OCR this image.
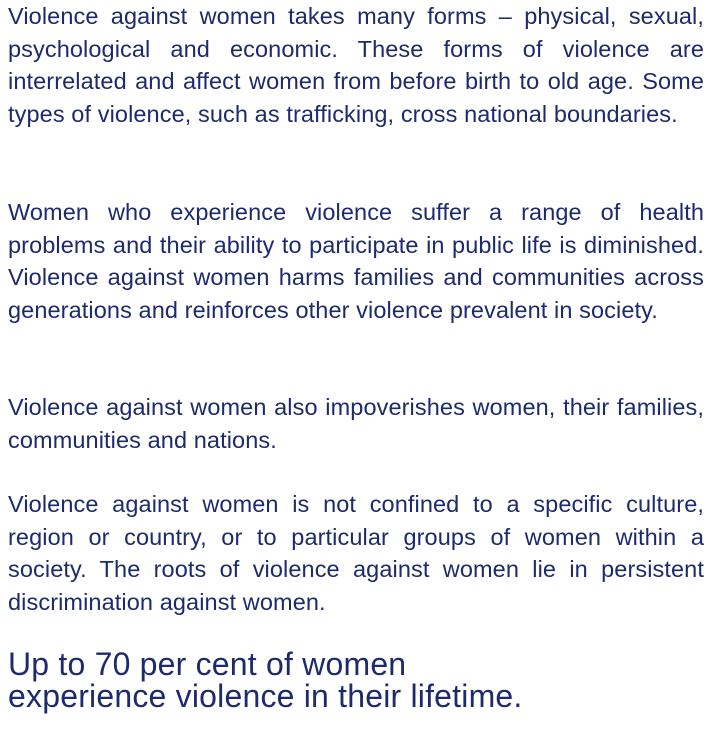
Violence against women takes many forms – physical, sexual, psychological and economic. These forms of violence are interrelated and affect women from before birth to old age. Some types of violence, such as trafficking, cross national boundaries.

Women who experience violence suffer a range of health problems and their ability to participate in public life is diminished. Violence against women harms families and communities across generations and reinforces other violence prevalent in society.

Violence against women also impoverishes women, their families, communities and nations.

Violence against women is not confined to a specific culture, region or country, or to particular groups of women within a society. The roots of violence against women lie in persistent discrimination against women.

Up to 70 per cent of women
experience violence in their lifetime.
